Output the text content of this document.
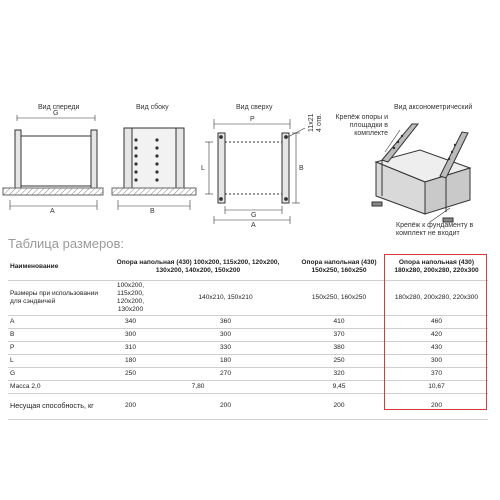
Вид спереди	Вид сбоку	Вид сверху	Вид аксонометрический
G
A	B
P
L	B
G
A
11x21 4 отв.	Крепёж опоры и площадки в комплекте
Крепёж к фундаменту в комплект не входит
Таблица размеров:
Наименование	Опора напольная (430) 100x200, 115x200, 120x200, 130x200, 140x200, 150x200		Опора напольная (430) 150x250, 160x250	Опора напольная (430) 180x280, 200x280, 220x300
Размеры при использовании для сэндвичей	100x200, 115x200, 120x200, 130x200	140x210, 150x210	150x250, 160x250	180x280, 200x280, 220x300
A	340	360	410	460
B	300	300	370	420
P	310	330	380	430
L	180	180	250	300
G	250	270	320	370
Масса 2,0	7,80		9,45	10,67
Несущая способность, кг	200	200	200	200
